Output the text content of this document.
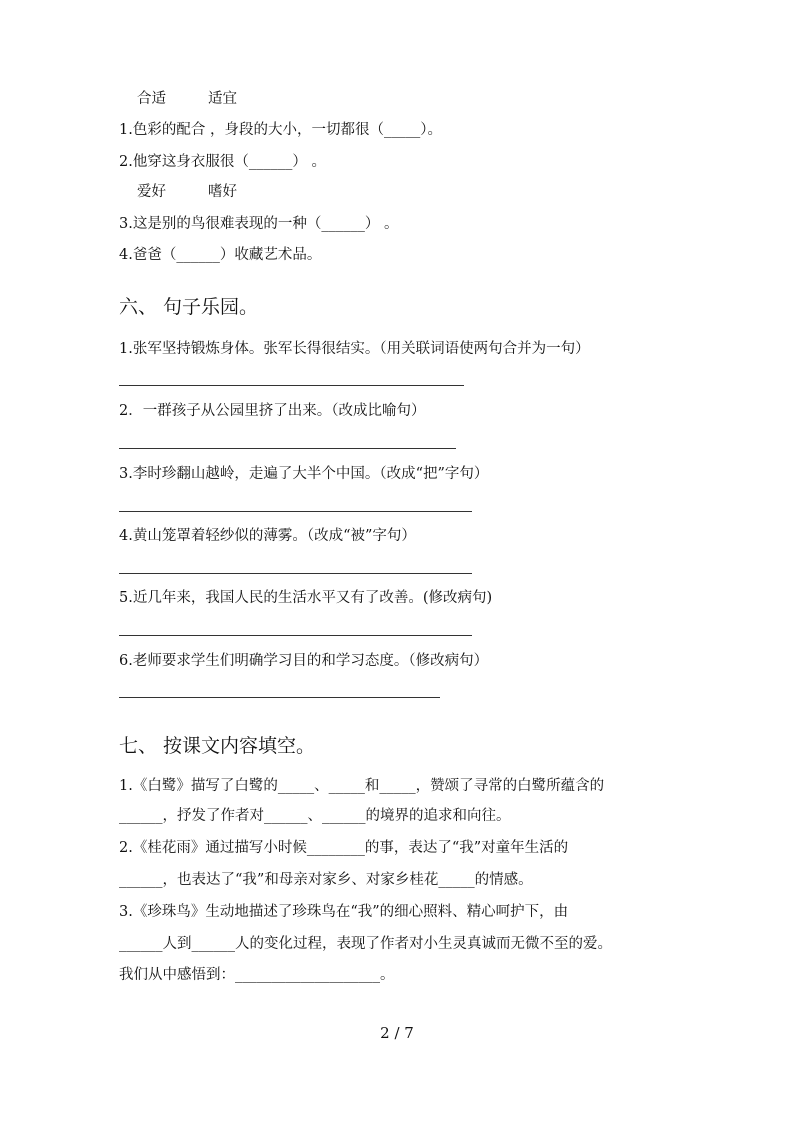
合适	适宜
1.色彩的配合 ，身段的大小，一切都很（_____）。
2.他穿这身衣服很（______） 。
爱好	嗜好
3.这是别的鸟很难表现的一种（______） 。
4.爸爸（______）收藏艺术品。
六、 句子乐园。
1.张军坚持锻炼身体。张军长得很结实。（用关联词语使两句合并为一句）
2．一群孩子从公园里挤了出来。（改成比喻句）
3.李时珍翻山越岭，走遍了大半个中国。（改成“把”字句）
4.黄山笼罩着轻纱似的薄雾。（改成“被”字句）
5.近几年来，我国人民的生活水平又有了改善。(修改病句)
6.老师要求学生们明确学习目的和学习态度。（修改病句）
七、 按课文内容填空。
1.《白鹭》描写了白鹭的_____、_____和_____，赞颂了寻常的白鹭所蕴含的
______，抒发了作者对______、______的境界的追求和向往。
2.《桂花雨》通过描写小时候________的事，表达了“我”对童年生活的
______，也表达了“我”和母亲对家乡、对家乡桂花_____的情感。
3.《珍珠鸟》生动地描述了珍珠鸟在“我”的细心照料、精心呵护下，由
______人到______人的变化过程，表现了作者对小生灵真诚而无微不至的爱。
我们从中感悟到：____________________。
2 / 7
